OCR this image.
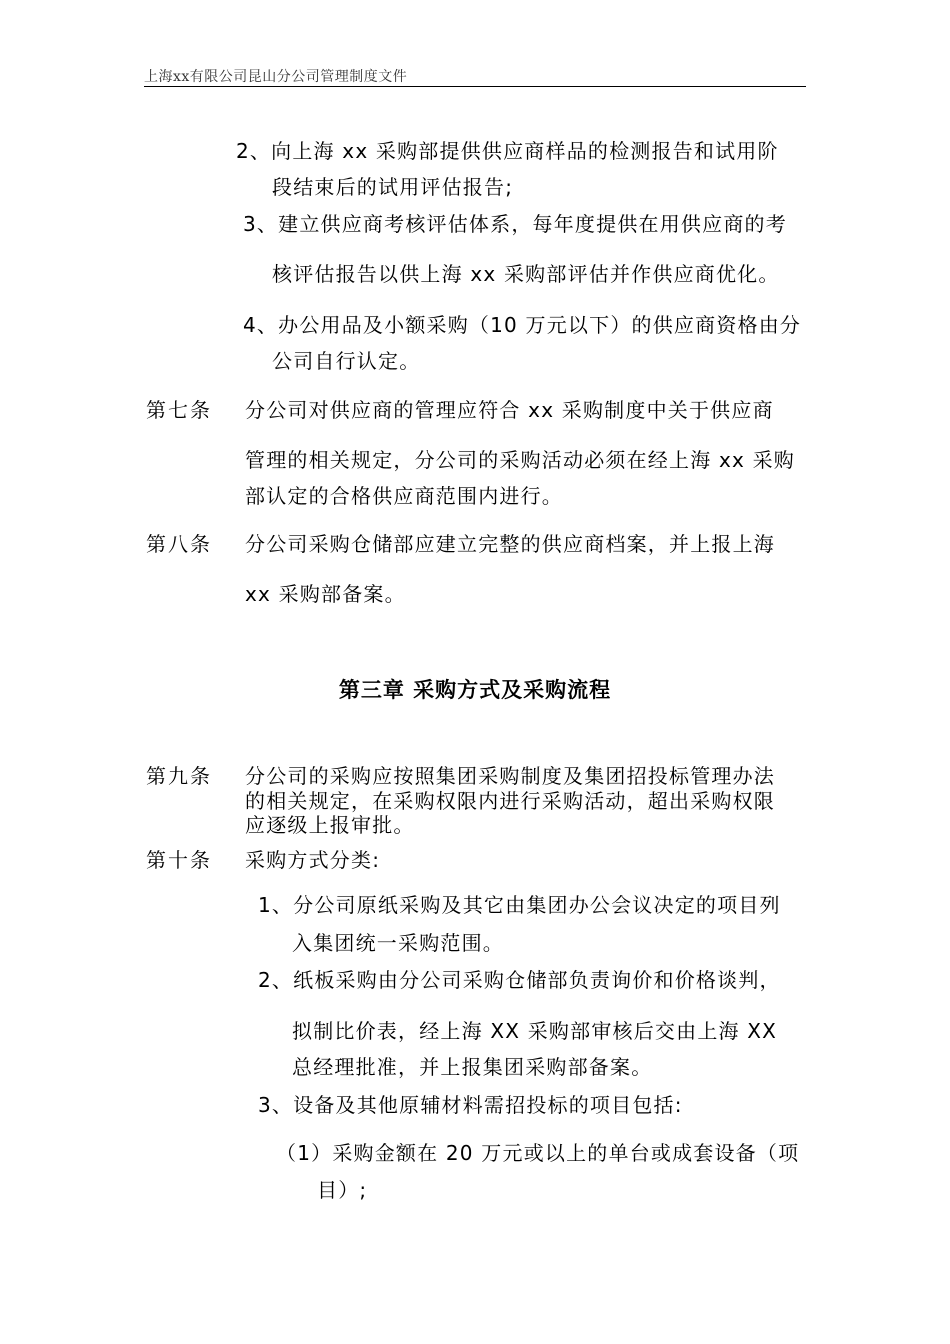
上海xx有限公司昆山分公司管理制度文件
2、向上海 xx 采购部提供供应商样品的检测报告和试用阶
段结束后的试用评估报告;
3、建立供应商考核评估体系，每年度提供在用供应商的考
核评估报告以供上海 xx 采购部评估并作供应商优化。
4、办公用品及小额采购（10 万元以下）的供应商资格由分
公司自行认定。
第七条 分公司对供应商的管理应符合 xx 采购制度中关于供应商
管理的相关规定，分公司的采购活动必须在经上海 xx 采购
部认定的合格供应商范围内进行。
第八条 分公司采购仓储部应建立完整的供应商档案，并上报上海
xx 采购部备案。
第三章 采购方式及采购流程
第九条 分公司的采购应按照集团采购制度及集团招投标管理办法
的相关规定，在采购权限内进行采购活动，超出采购权限
应逐级上报审批。
第十条 采购方式分类:
1、分公司原纸采购及其它由集团办公会议决定的项目列
入集团统一采购范围。
2、纸板采购由分公司采购仓储部负责询价和价格谈判，
拟制比价表，经上海 XX 采购部审核后交由上海 XX
总经理批准，并上报集团采购部备案。
3、设备及其他原辅材料需招投标的项目包括:
（1）采购金额在 20 万元或以上的单台或成套设备（项
目）;
